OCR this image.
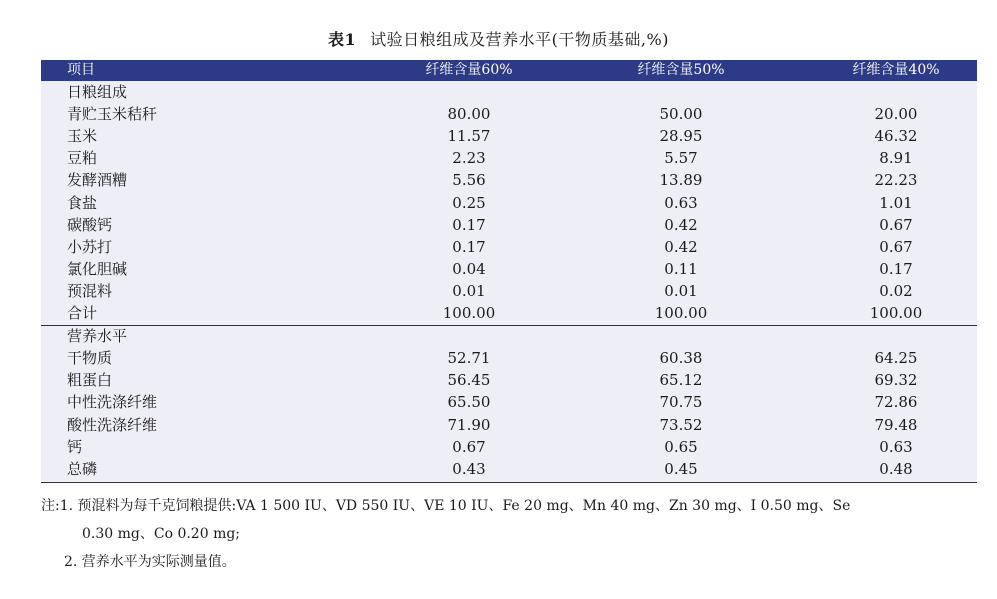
表1 试验日粮组成及营养水平(干物质基础,%)
项目	纤维含量60%	纤维含量50%	纤维含量40%
日粮组成
青贮玉米秸秆	80.00	50.00	20.00
玉米	11.57	28.95	46.32
豆粕	2.23	5.57	8.91
发酵酒糟	5.56	13.89	22.23
食盐	0.25	0.63	1.01
碳酸钙	0.17	0.42	0.67
小苏打	0.17	0.42	0.67
氯化胆碱	0.04	0.11	0.17
预混料	0.01	0.01	0.02
合计	100.00	100.00	100.00
营养水平
干物质	52.71	60.38	64.25
粗蛋白	56.45	65.12	69.32
中性洗涤纤维	65.50	70.75	72.86
酸性洗涤纤维	71.90	73.52	79.48
钙	0.67	0.65	0.63
总磷	0.43	0.45	0.48
注:1. 预混料为每千克饲粮提供:VA 1 500 IU、VD 550 IU、VE 10 IU、Fe 20 mg、Mn 40 mg、Zn 30 mg、I 0.50 mg、Se
0.30 mg、Co 0.20 mg;
2. 营养水平为实际测量值。
